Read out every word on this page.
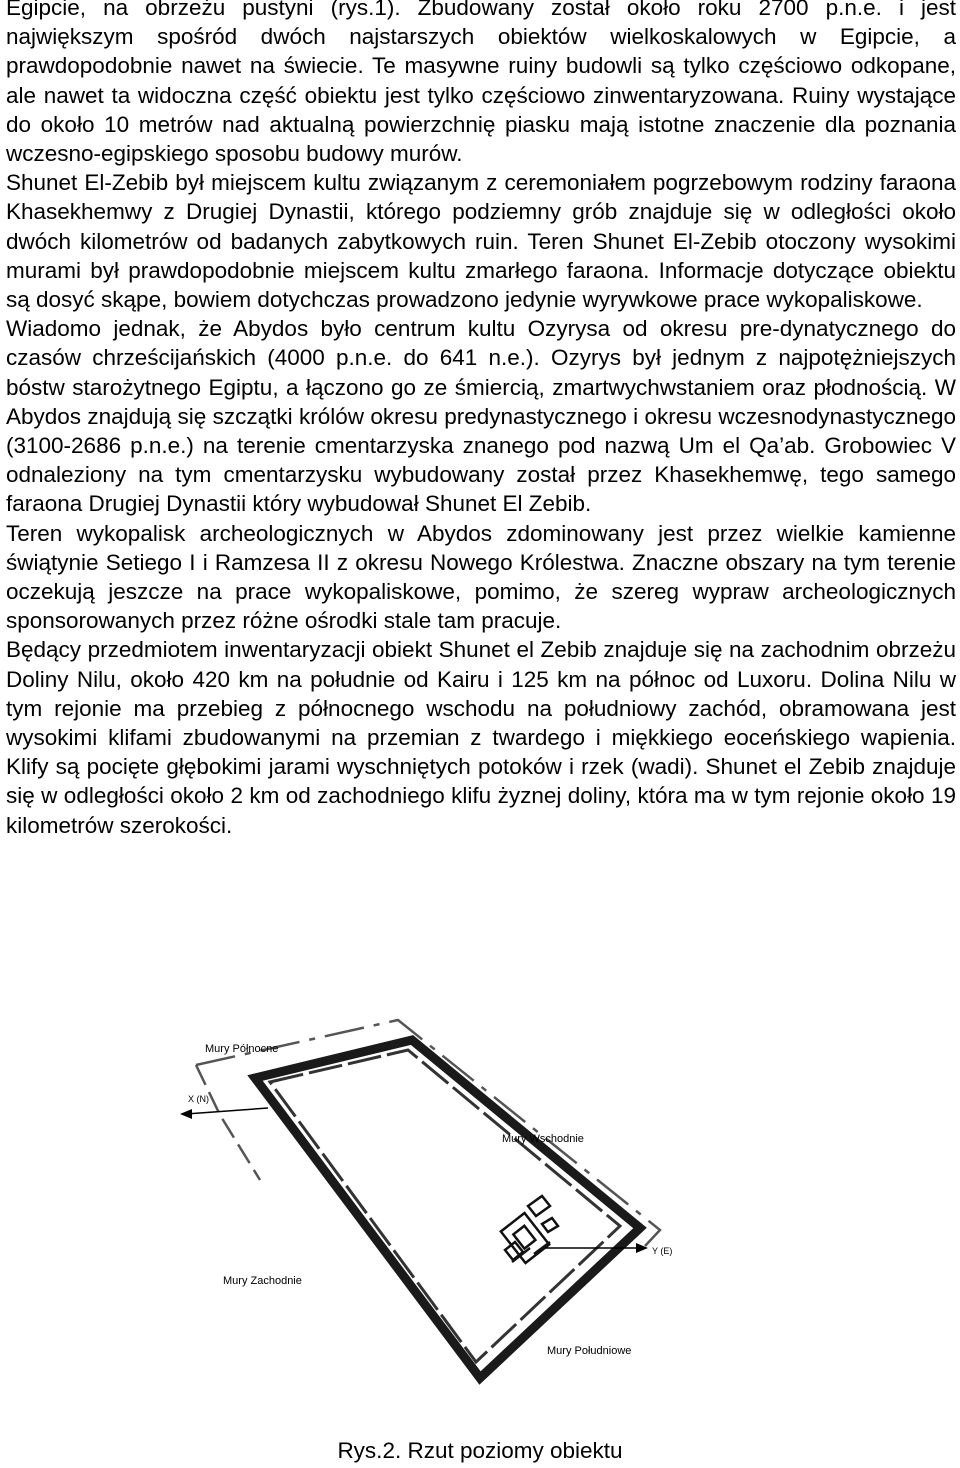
Egipcie, na obrzeżu pustyni (rys.1). Zbudowany został około roku 2700 p.n.e. i jest największym spośród dwóch najstarszych obiektów wielkoskalowych w Egipcie, a prawdopodobnie nawet na świecie. Te masywne ruiny budowli są tylko częściowo odkopane, ale nawet ta widoczna część obiektu jest tylko częściowo zinwentaryzowana. Ruiny wystające do około 10 metrów nad aktualną powierzchnię piasku mają istotne znaczenie dla poznania wczesno-egipskiego sposobu budowy murów.

Shunet El-Zebib był miejscem kultu związanym z ceremoniałem pogrzebowym rodziny faraona Khasekhemwy z Drugiej Dynastii, którego podziemny grób znajduje się w odległości około dwóch kilometrów od badanych zabytkowych ruin. Teren Shunet El-Zebib otoczony wysokimi murami był prawdopodobnie miejscem kultu zmarłego faraona. Informacje dotyczące obiektu są dosyć skąpe, bowiem dotychczas prowadzono jedynie wyrywkowe prace wykopaliskowe.

Wiadomo jednak, że Abydos było centrum kultu Ozyrysa od okresu pre-dynatycznego do czasów chrześcijańskich (4000 p.n.e. do 641 n.e.). Ozyrys był jednym z najpotężniejszych bóstw starożytnego Egiptu, a łączono go ze śmiercią, zmartwychwstaniem oraz płodnością. W Abydos znajdują się szczątki królów okresu predynastycznego i okresu wczesnodynastycznego (3100-2686 p.n.e.) na terenie cmentarzyska znanego pod nazwą Um el Qa’ab. Grobowiec V odnaleziony na tym cmentarzysku wybudowany został przez Khasekhemwę, tego samego faraona Drugiej Dynastii który wybudował Shunet El Zebib.

Teren wykopalisk archeologicznych w Abydos zdominowany jest przez wielkie kamienne świątynie Setiego I i Ramzesa II z okresu Nowego Królestwa. Znaczne obszary na tym terenie oczekują jeszcze na prace wykopaliskowe, pomimo, że szereg wypraw archeologicznych sponsorowanych przez różne ośrodki stale tam pracuje.

Będący przedmiotem inwentaryzacji obiekt Shunet el Zebib znajduje się na zachodnim obrzeżu Doliny Nilu, około 420 km na południe od Kairu i 125 km na północ od Luxoru. Dolina Nilu w tym rejonie ma przebieg z północnego wschodu na południowy zachód, obramowana jest wysokimi klifami zbudowanymi na przemian z twardego i miękkiego eoceńskiego wapienia. Klify są pocięte głębokimi jarami wyschniętych potoków i rzek (wadi). Shunet el Zebib znajduje się w odległości około 2 km od zachodniego klifu żyznej doliny, która ma w tym rejonie około 19 kilometrów szerokości.

Mury Północne
Mury Wschodnie
Mury Zachodnie
Mury Południowe
X (N)
Y (E)
Rys.2. Rzut poziomy obiektu
